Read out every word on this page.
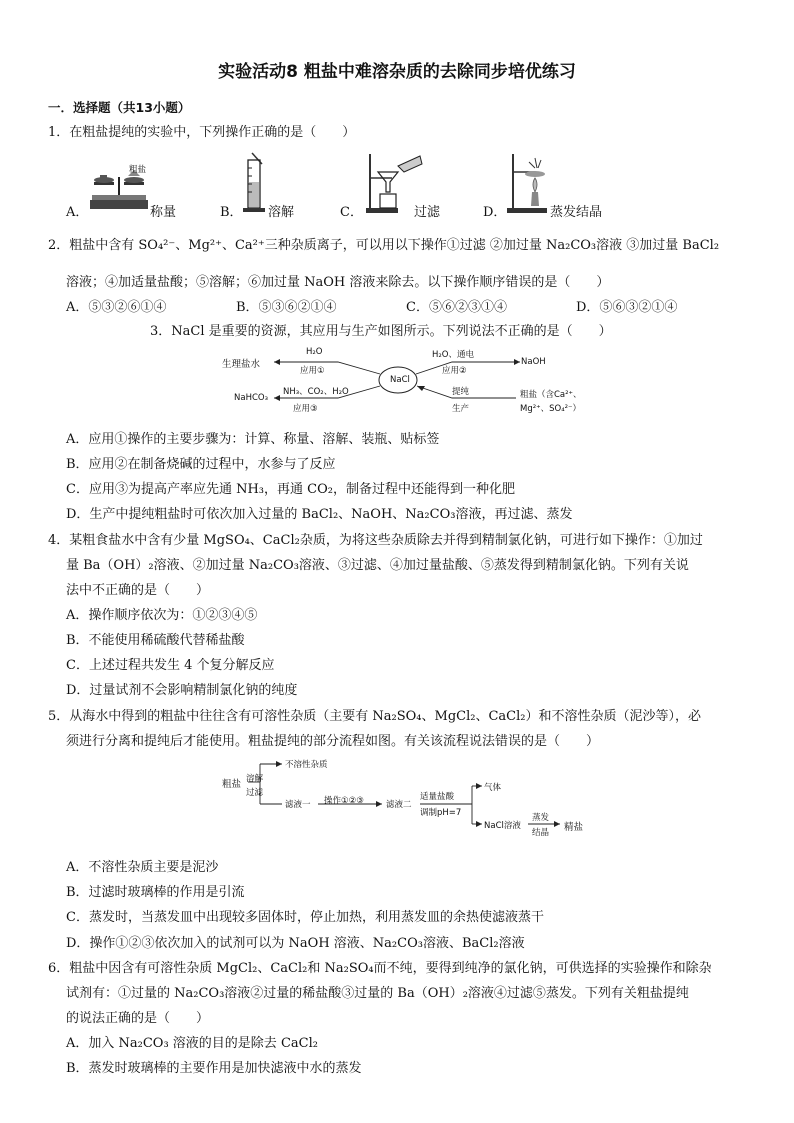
实验活动8 粗盐中难溶杂质的去除同步培优练习
一．选择题（共13小题）
1．在粗盐提纯的实验中，下列操作正确的是（　　）
A．
粗盐
称量	B． 溶解	C．	过滤	D．	蒸发结晶
2．粗盐中含有 SO₄²⁻、Mg²⁺、Ca²⁺三种杂质离子，可以用以下操作①过滤 ②加过量 Na₂CO₃溶液 ③加过量 BaCl₂
溶液；④加适量盐酸；⑤溶解；⑥加过量 NaOH 溶液来除去。以下操作顺序错误的是（　　）
A．⑤③②⑥①④	B．⑤③⑥②①④	C．⑤⑥②③①④	D．⑤⑥③②①④
3．NaCl 是重要的资源，其应用与生产如图所示。下列说法不正确的是（　　）
NaCl
生理盐水
H₂O
应用①
H₂O、通电
NaOH
应用②
NaHCO₃
NH₃、CO₂、H₂O
应用③
提纯
生产
粗盐（含Ca²⁺、
Mg²⁺、SO₄²⁻）
A．应用①操作的主要步骤为：计算、称量、溶解、装瓶、贴标签
B．应用②在制备烧碱的过程中，水参与了反应
C．应用③为提高产率应先通 NH₃，再通 CO₂，制备过程中还能得到一种化肥
D．生产中提纯粗盐时可依次加入过量的 BaCl₂、NaOH、Na₂CO₃溶液，再过滤、蒸发
4．某粗食盐水中含有少量 MgSO₄、CaCl₂杂质，为将这些杂质除去并得到精制氯化钠，可进行如下操作：①加过
量 Ba（OH）₂溶液、②加过量 Na₂CO₃溶液、③过滤、④加过量盐酸、⑤蒸发得到精制氯化钠。下列有关说
法中不正确的是（　　）
A．操作顺序依次为：①②③④⑤
B．不能使用稀硫酸代替稀盐酸
C．上述过程共发生 4 个复分解反应
D．过量试剂不会影响精制氯化钠的纯度
5．从海水中得到的粗盐中往往含有可溶性杂质（主要有 Na₂SO₄、MgCl₂、CaCl₂）和不溶性杂质（泥沙等），必
须进行分离和提纯后才能使用。粗盐提纯的部分流程如图。有关该流程说法错误的是（　　）
粗盐 溶解
过滤
不溶性杂质
滤液一 操作①②③	滤液二
适量盐酸
调制pH=7
气体
NaCl溶液
蒸发
结晶 精盐
A．不溶性杂质主要是泥沙
B．过滤时玻璃棒的作用是引流
C．蒸发时，当蒸发皿中出现较多固体时，停止加热，利用蒸发皿的余热使滤液蒸干
D．操作①②③依次加入的试剂可以为 NaOH 溶液、Na₂CO₃溶液、BaCl₂溶液
6．粗盐中因含有可溶性杂质 MgCl₂、CaCl₂和 Na₂SO₄而不纯，要得到纯净的氯化钠，可供选择的实验操作和除杂
试剂有：①过量的 Na₂CO₃溶液②过量的稀盐酸③过量的 Ba（OH）₂溶液④过滤⑤蒸发。下列有关粗盐提纯
的说法正确的是（　　）
A．加入 Na₂CO₃ 溶液的目的是除去 CaCl₂
B．蒸发时玻璃棒的主要作用是加快滤液中水的蒸发
